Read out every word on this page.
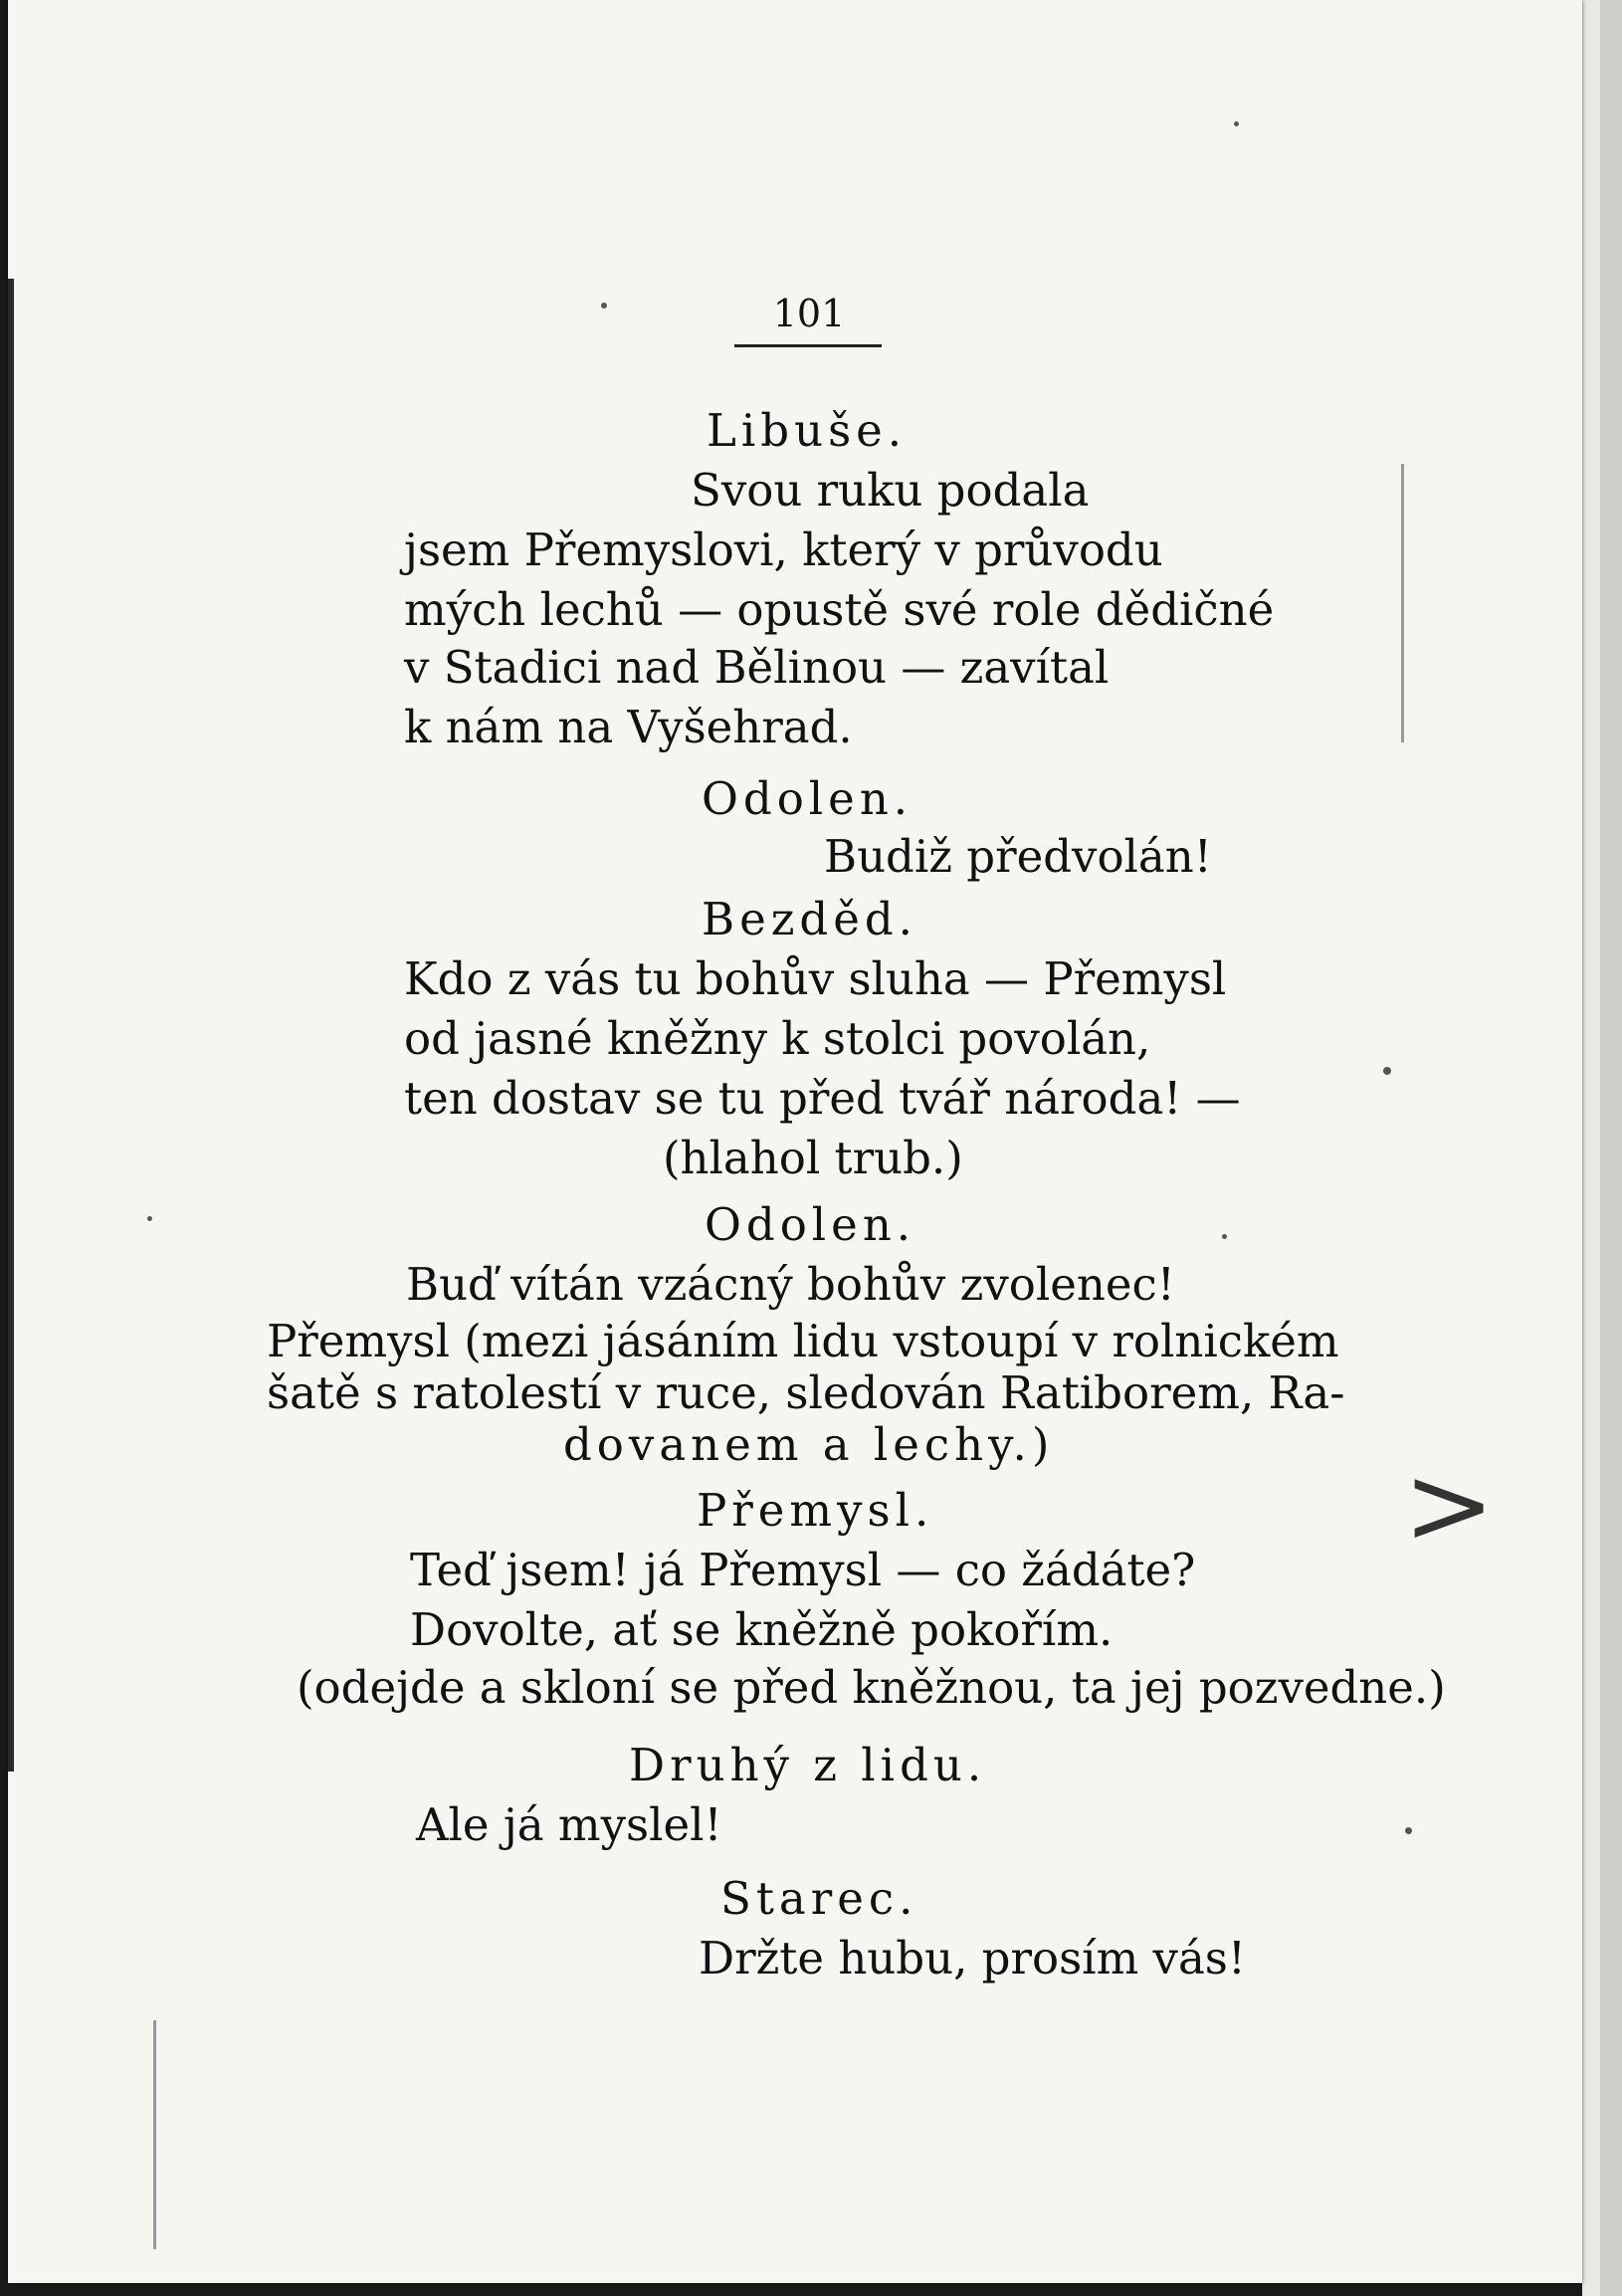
101

Libuše.

Svou ruku podala

jsem Přemyslovi, který v průvodu

mých lechů — opustě své role dědičné

v Stadici nad Bělinou — zavítal

k nám na Vyšehrad.

Odolen.

Budiž předvolán!

Bezděd.

Kdo z vás tu bohův sluha — Přemysl

od jasné kněžny k stolci povolán,

ten dostav se tu před tvář národa! —

(hlahol trub.)

Odolen.

Buď vítán vzácný bohův zvolenec!

Přemysl (mezi jásáním lidu vstoupí v rolnickém

šatě s ratolestí v ruce, sledován Ratiborem, Ra-

dovanem a lechy.)

Přemysl.

Teď jsem! já Přemysl — co žádáte?

Dovolte, ať se kněžně pokořím.

(odejde a skloní se před kněžnou, ta jej pozvedne.)

Druhý z lidu.

Ale já myslel!

Starec.

Držte hubu, prosím vás!

>
